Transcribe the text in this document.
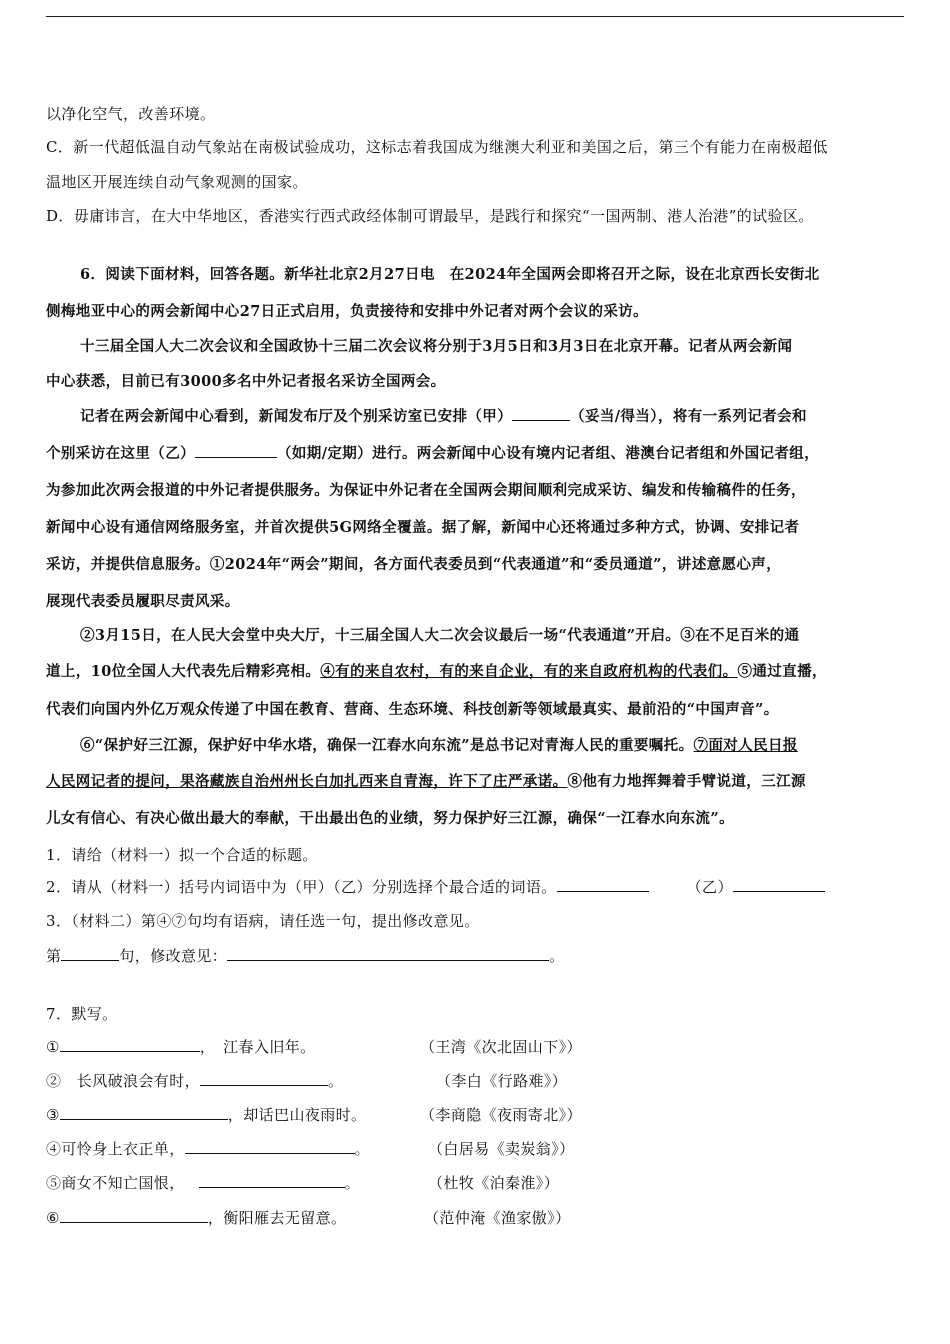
以净化空气，改善环境。
C．新一代超低温自动气象站在南极试验成功，这标志着我国成为继澳大利亚和美国之后，第三个有能力在南极超低
温地区开展连续自动气象观测的国家。
D．毋庸讳言，在大中华地区，香港实行西式政经体制可谓最早，是践行和探究“一国两制、港人治港”的试验区。
6．阅读下面材料，回答各题。新华社北京2月27日电　在2024年全国两会即将召开之际，设在北京西长安街北
侧梅地亚中心的两会新闻中心27日正式启用，负责接待和安排中外记者对两个会议的采访。
十三届全国人大二次会议和全国政协十三届二次会议将分别于3月5日和3月3日在北京开幕。记者从两会新闻
中心获悉，目前已有3000多名中外记者报名采访全国两会。
记者在两会新闻中心看到，新闻发布厅及个别采访室已安排（甲）	（妥当/得当），将有一系列记者会和
个别采访在这里（乙）	（如期/定期）进行。两会新闻中心设有境内记者组、港澳台记者组和外国记者组，
为参加此次两会报道的中外记者提供服务。为保证中外记者在全国两会期间顺利完成采访、编发和传输稿件的任务，
新闻中心设有通信网络服务室，并首次提供5G网络全覆盖。据了解，新闻中心还将通过多种方式，协调、安排记者
采访，并提供信息服务。①2024年“两会”期间，各方面代表委员到“代表通道”和“委员通道”，讲述意愿心声，
展现代表委员履职尽责风采。
②3月15日，在人民大会堂中央大厅，十三届全国人大二次会议最后一场“代表通道”开启。③在不足百米的通
道上，10位全国人大代表先后精彩亮相。④有的来自农村，有的来自企业，有的来自政府机构的代表们。⑤通过直播，
代表们向国内外亿万观众传递了中国在教育、营商、生态环境、科技创新等领域最真实、最前沿的“中国声音”。
⑥“保护好三江源，保护好中华水塔，确保一江春水向东流”是总书记对青海人民的重要嘱托。⑦面对人民日报
人民网记者的提问，果洛藏族自治州州长白加扎西来自青海，许下了庄严承诺。⑧他有力地挥舞着手臂说道，三江源
儿女有信心、有决心做出最大的奉献，干出最出色的业绩，努力保护好三江源，确保“一江春水向东流”。
1．请给（材料一）拟一个合适的标题。
2．请从（材料一）括号内词语中为（甲）（乙）分别选择个最合适的词语。	（乙）
3．（材料二）第④⑦句均有语病，请任选一句，提出修改意见。
第	句，修改意见：	。
7．默写。
①	，　江春入旧年。	（王湾《次北固山下》）
②　长风破浪会有时，	。	（李白《行路难》）
③	，却话巴山夜雨时。	（李商隐《夜雨寄北》）
④可怜身上衣正单，	。	（白居易《卖炭翁》）
⑤商女不知亡国恨，	。	（杜牧《泊秦淮》）
⑥	，衡阳雁去无留意。	（范仲淹《渔家傲》）
